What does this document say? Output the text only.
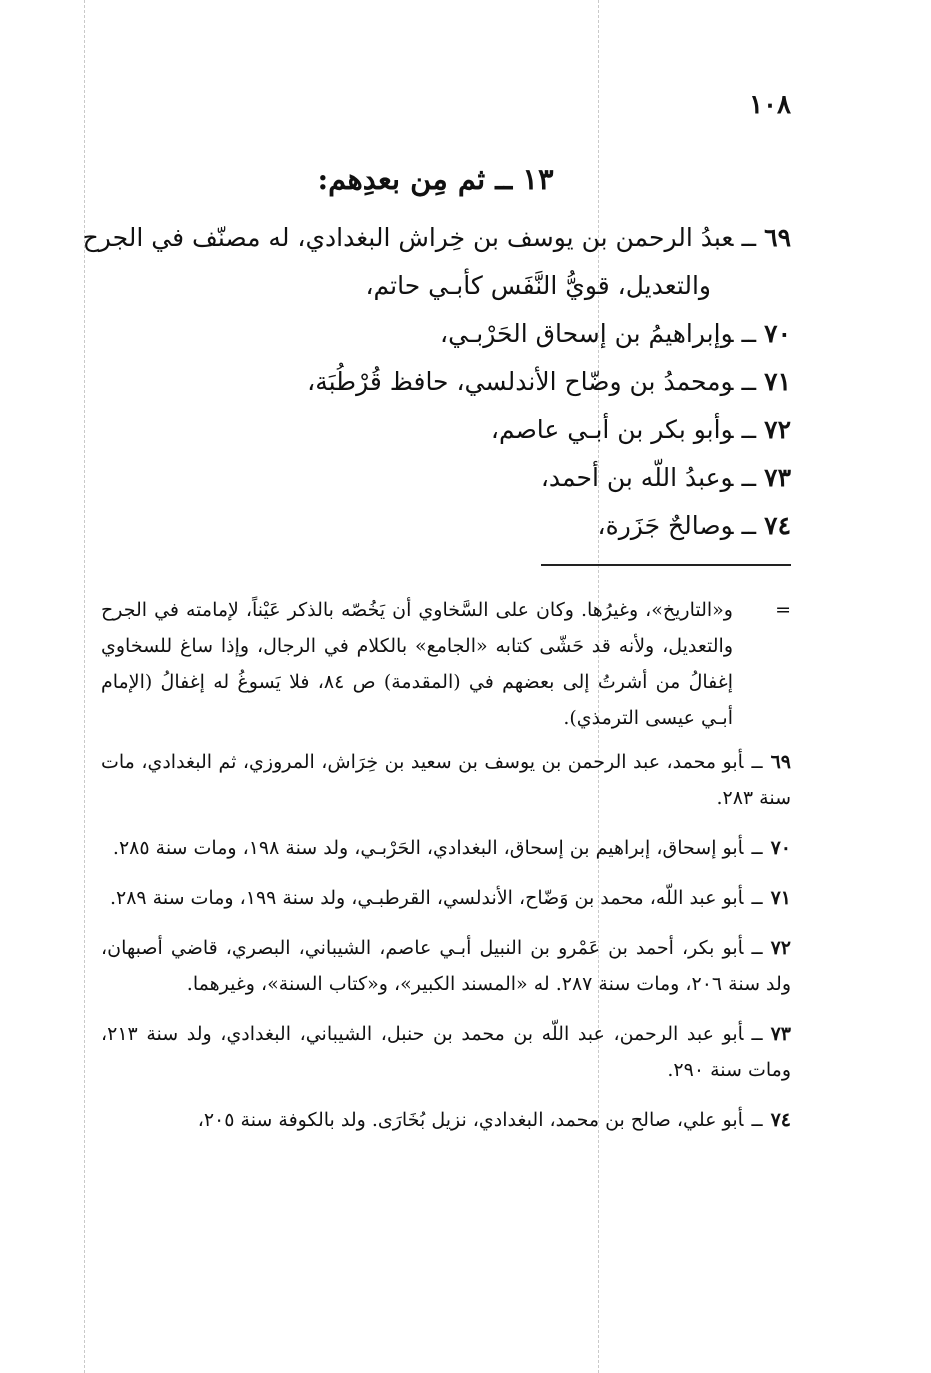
١٠٨

١٣ ــ ثم مِن بعدِهم:
٦٩ــعبدُ الرحمن بن يوسف بن خِراش البغدادي، له مصنّف في الجرح
والتعديل، قويُّ النَّفَس كأبـي حاتم،
٧٠ــوإبراهيمُ بن إسحاق الحَرْبـي،
٧١ــومحمدُ بن وضّاح الأندلسي، حافظ قُرْطُبَة،
٧٢ــوأبو بكر بن أبـي عاصم،
٧٣ــوعبدُ اللّه بن أحمد،
٧٤ــوصالحٌ جَزَرة،
=
و«التاريخ»، وغيرُها. وكان على السَّخاوي أن يَخُصّه بالذكر عَيْناً، لإمامته في الجرح والتعديل، ولأنه قد حَشّى كتابه «الجامع» بالكلام في الرجال، وإذا ساغ للسخاوي إغفالُ من أشرتُ إلى بعضهم في (المقدمة) ص ٨٤، فلا يَسوغُ له إغفالُ (الإمام أبـي عيسى الترمذي).
٦٩ــأبو محمد، عبد الرحمن بن يوسف بن سعيد بن خِرَاش، المروزي، ثم البغدادي، مات سنة ٢٨٣.
٧٠ــأبو إسحاق، إبراهيم بن إسحاق، البغدادي، الحَرْبـي، ولد سنة ١٩٨، ومات سنة ٢٨٥.
٧١ــأبو عبد اللّه، محمد بن وَضّاح، الأندلسي، القرطبـي، ولد سنة ١٩٩، ومات سنة ٢٨٩.
٧٢ــأبو بكر، أحمد بن عَمْرو بن النبيل أبـي عاصم، الشيباني، البصري، قاضي أصبهان، ولد سنة ٢٠٦، ومات سنة ٢٨٧. له «المسند الكبير»، و«كتاب السنة»، وغيرهما.
٧٣ــأبو عبد الرحمن، عبد اللّه بن محمد بن حنبل، الشيباني، البغدادي، ولد سنة ٢١٣، ومات سنة ٢٩٠.
٧٤ــأبو علي، صالح بن محمد، البغدادي، نزيل بُخَارَى. ولد بالكوفة سنة ٢٠٥،
